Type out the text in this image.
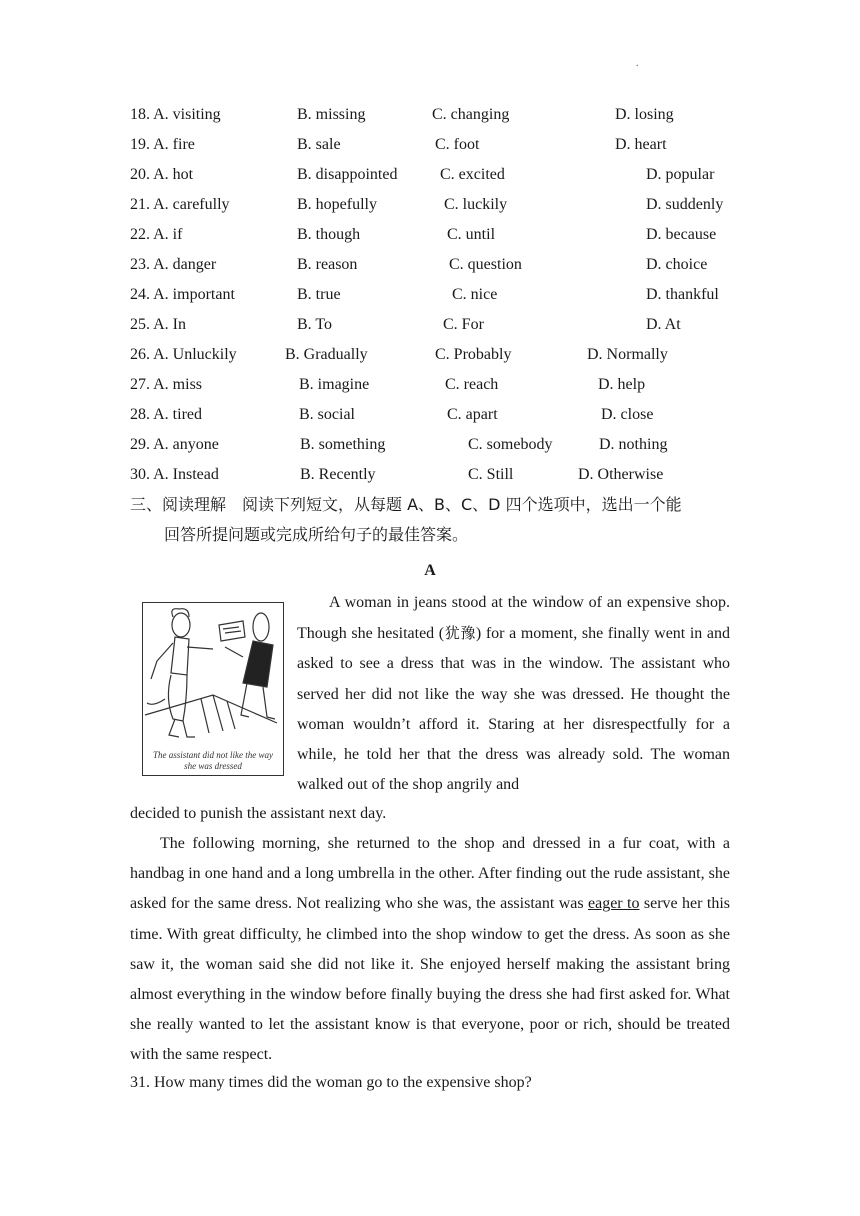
.
18. A. visiting	B. missing	C. changing	D. losing
19. A. fire	B. sale	C. foot	D. heart
20. A. hot	B. disappointed	C. excited	D. popular
21. A. carefully	B. hopefully	C. luckily	D. suddenly
22. A. if	B. though	C. until	D. because
23. A. danger	B. reason	C. question	D. choice
24. A. important	B. true	C. nice	D. thankful
25. A. In	B. To	C. For	D. At
26. A. Unluckily	B. Gradually	C. Probably	D. Normally
27. A. miss	B. imagine	C. reach	D. help
28. A. tired	B. social	C. apart	D. close
29. A. anyone	B. something	C. somebody	D. nothing
30. A. Instead	B. Recently	C. Still	D. Otherwise
三、阅读理解　阅读下列短文，从每题 A、B、C、D 四个选项中，选出一个能
回答所提问题或完成所给句子的最佳答案。
A
The assistant did not like the way she was dressed
A woman in jeans stood at the window of an expensive shop. Though she hesitated (犹豫) for a moment, she finally went in and asked to see a dress that was in the window. The assistant who served her did not like the way she was dressed. He thought the woman wouldn’t afford it. Staring at her disrespectfully for a while, he told her that the dress was already sold. The woman walked out of the shop angrily and
decided to punish the assistant next day.
The following morning, she returned to the shop and dressed in a fur coat, with a handbag in one hand and a long umbrella in the other. After finding out the rude assistant, she asked for the same dress. Not realizing who she was, the assistant was eager to serve her this time. With great difficulty, he climbed into the shop window to get the dress. As soon as she saw it, the woman said she did not like it. She enjoyed herself making the assistant bring almost everything in the window before finally buying the dress she had first asked for. What she really wanted to let the assistant know is that everyone, poor or rich, should be treated with the same respect.
31. How many times did the woman go to the expensive shop?
